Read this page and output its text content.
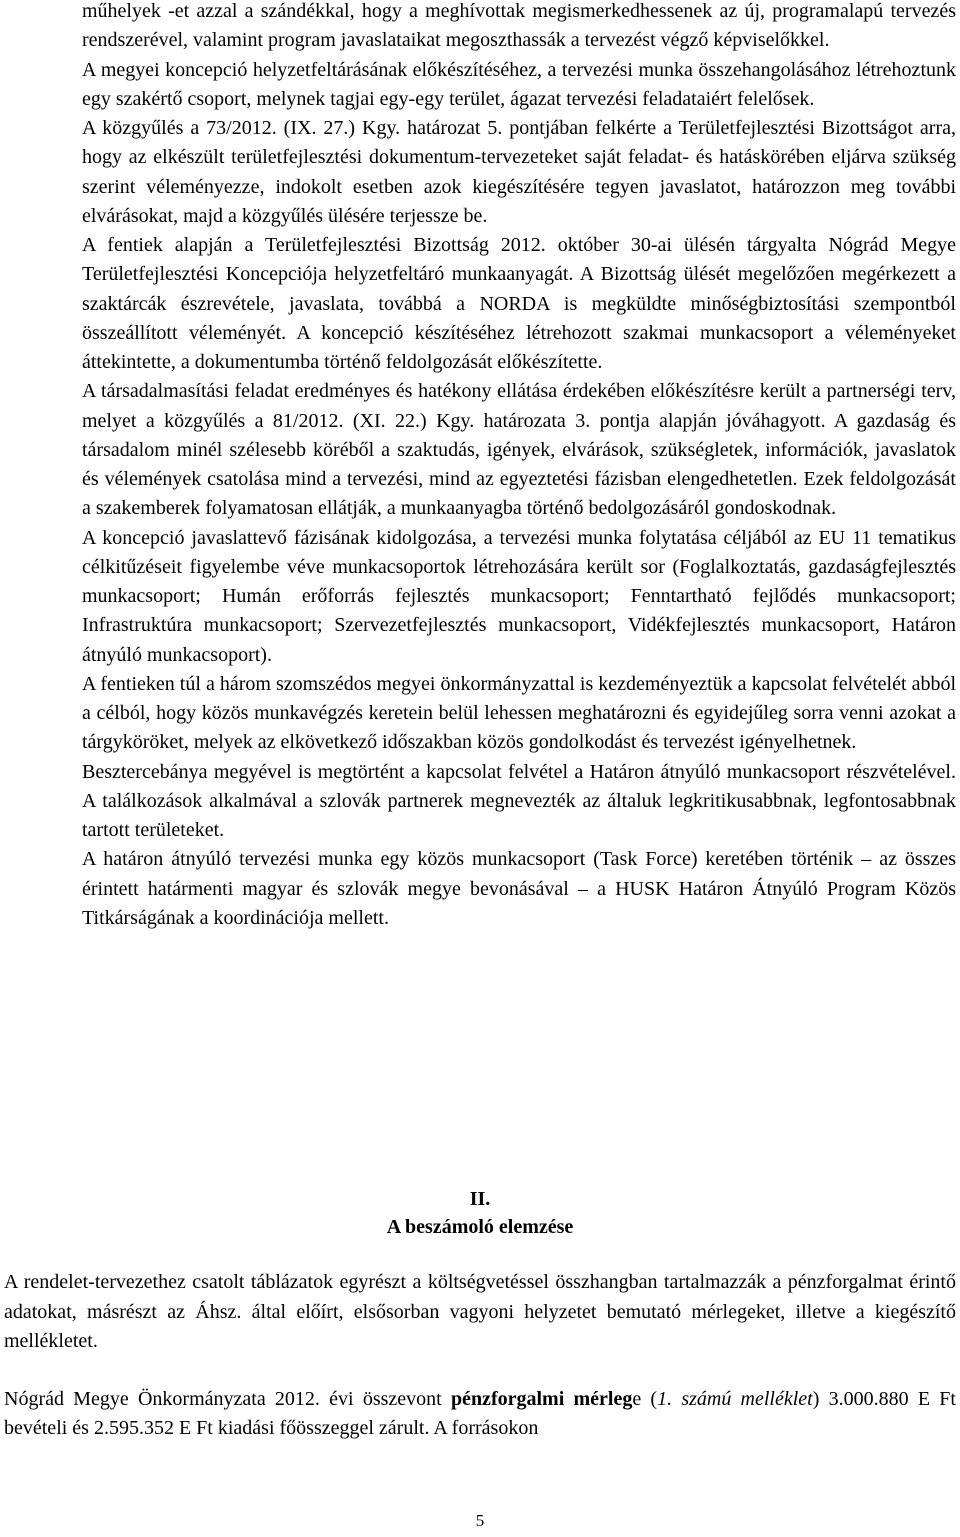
műhelyek -et azzal a szándékkal, hogy a meghívottak megismerkedhessenek az új, programalapú tervezés rendszerével, valamint program javaslataikat megoszthassák a tervezést végző képviselőkkel.

A megyei koncepció helyzetfeltárásának előkészítéséhez, a tervezési munka összehangolásához létrehoztunk egy szakértő csoport, melynek tagjai egy-egy terület, ágazat tervezési feladataiért felelősek.

A közgyűlés a 73/2012. (IX. 27.) Kgy. határozat 5. pontjában felkérte a Területfejlesztési Bizottságot arra, hogy az elkészült területfejlesztési dokumentum-tervezeteket saját feladat- és hatáskörében eljárva szükség szerint véleményezze, indokolt esetben azok kiegészítésére tegyen javaslatot, határozzon meg további elvárásokat, majd a közgyűlés ülésére terjessze be.

A fentiek alapján a Területfejlesztési Bizottság 2012. október 30-ai ülésén tárgyalta Nógrád Megye Területfejlesztési Koncepciója helyzetfeltáró munkaanyagát. A Bizottság ülését megelőzően megérkezett a szaktárcák észrevétele, javaslata, továbbá a NORDA is megküldte minőségbiztosítási szempontból összeállított véleményét. A koncepció készítéséhez létrehozott szakmai munkacsoport a véleményeket áttekintette, a dokumentumba történő feldolgozását előkészítette.

A társadalmasítási feladat eredményes és hatékony ellátása érdekében előkészítésre került a partnerségi terv, melyet a közgyűlés a 81/2012. (XI. 22.) Kgy. határozata 3. pontja alapján jóváhagyott. A gazdaság és társadalom minél szélesebb köréből a szaktudás, igények, elvárások, szükségletek, információk, javaslatok és vélemények csatolása mind a tervezési, mind az egyeztetési fázisban elengedhetetlen. Ezek feldolgozását a szakemberek folyamatosan ellátják, a munkaanyagba történő bedolgozásáról gondoskodnak.

A koncepció javaslattevő fázisának kidolgozása, a tervezési munka folytatása céljából az EU 11 tematikus célkitűzéseit figyelembe véve munkacsoportok létrehozására került sor (Foglalkoztatás, gazdaságfejlesztés munkacsoport; Humán erőforrás fejlesztés munkacsoport; Fenntartható fejlődés munkacsoport; Infrastruktúra munkacsoport; Szervezetfejlesztés munkacsoport, Vidékfejlesztés munkacsoport, Határon átnyúló munkacsoport).

A fentieken túl a három szomszédos megyei önkormányzattal is kezdeményeztük a kapcsolat felvételét abból a célból, hogy közös munkavégzés keretein belül lehessen meghatározni és egyidejűleg sorra venni azokat a tárgyköröket, melyek az elkövetkező időszakban közös gondolkodást és tervezést igényelhetnek.

Besztercebánya megyével is megtörtént a kapcsolat felvétel a Határon átnyúló munkacsoport részvételével. A találkozások alkalmával a szlovák partnerek megnevezték az általuk legkritikusabbnak, legfontosabbnak tartott területeket.

A határon átnyúló tervezési munka egy közös munkacsoport (Task Force) keretében történik – az összes érintett határmenti magyar és szlovák megye bevonásával – a HUSK Határon Átnyúló Program Közös Titkárságának a koordinációja mellett.

II.
A beszámoló elemzése

A rendelet-tervezethez csatolt táblázatok egyrészt a költségvetéssel összhangban tartalmazzák a pénzforgalmat érintő adatokat, másrészt az Áhsz. által előírt, elsősorban vagyoni helyzetet bemutató mérlegeket, illetve a kiegészítő mellékletet.

Nógrád Megye Önkormányzata 2012. évi összevont pénzforgalmi mérlege (1. számú melléklet) 3.000.880 E Ft bevételi és 2.595.352 E Ft kiadási főösszeggel zárult. A forrásokon

5
